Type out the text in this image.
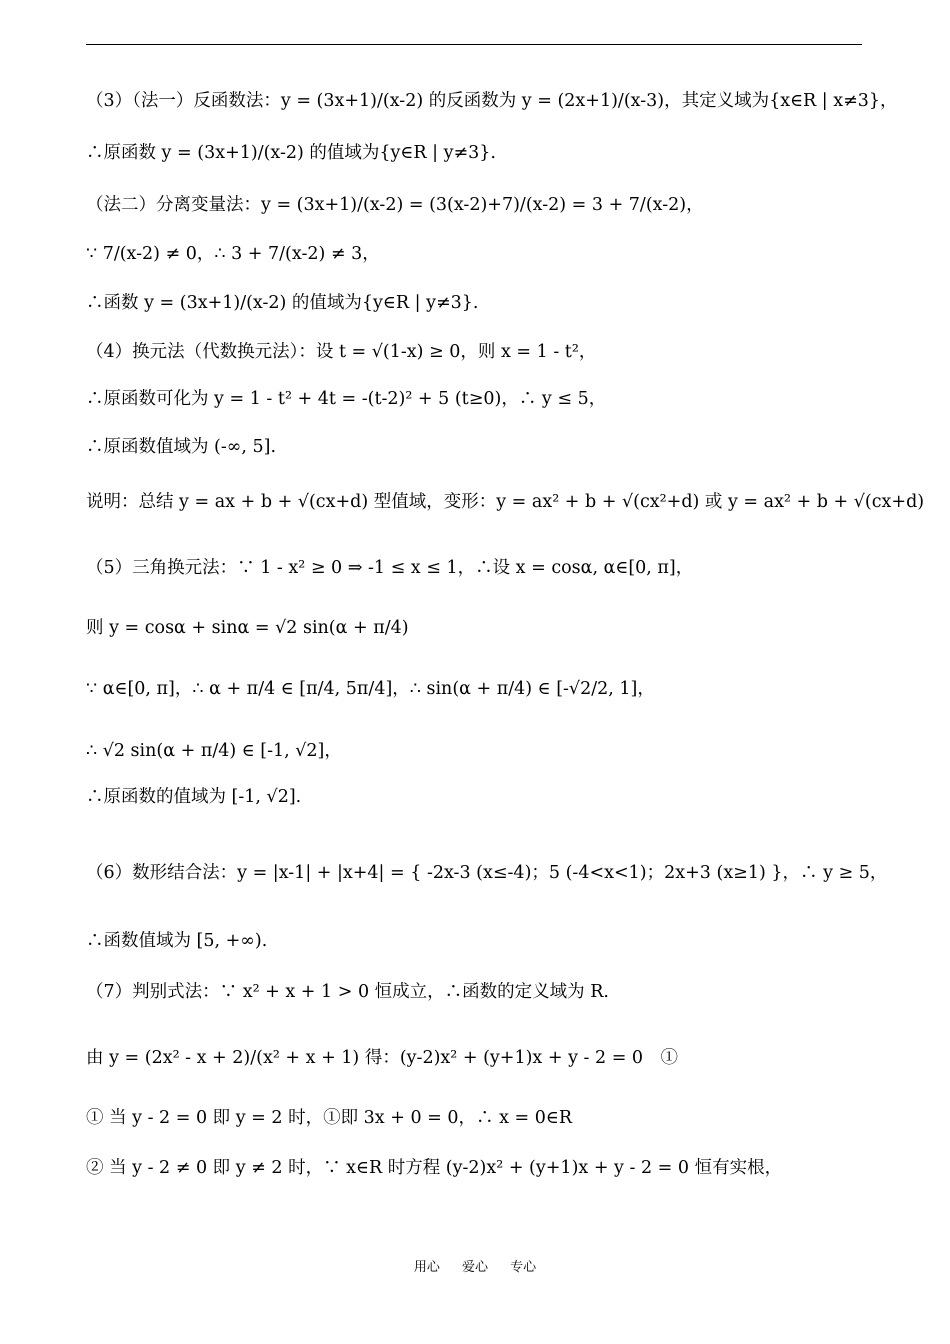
（3）（法一）反函数法：y = (3x+1)/(x-2) 的反函数为 y = (2x+1)/(x-3)，其定义域为{x∈R | x≠3}，
∴原函数 y = (3x+1)/(x-2) 的值域为{y∈R | y≠3}.
（法二）分离变量法：y = (3x+1)/(x-2) = (3(x-2)+7)/(x-2) = 3 + 7/(x-2)，
∵ 7/(x-2) ≠ 0，∴ 3 + 7/(x-2) ≠ 3，
∴函数 y = (3x+1)/(x-2) 的值域为{y∈R | y≠3}.
（4）换元法（代数换元法）：设 t = √(1-x) ≥ 0，则 x = 1 - t²，
∴原函数可化为 y = 1 - t² + 4t = -(t-2)² + 5 (t≥0)，∴ y ≤ 5，
∴原函数值域为 (-∞, 5].
说明：总结 y = ax + b + √(cx+d) 型值域，变形：y = ax² + b + √(cx²+d) 或 y = ax² + b + √(cx+d)
（5）三角换元法：∵ 1 - x² ≥ 0 ⇒ -1 ≤ x ≤ 1，∴设 x = cosα, α∈[0, π]，
则 y = cosα + sinα = √2 sin(α + π/4)
∵ α∈[0, π]，∴ α + π/4 ∈ [π/4, 5π/4]，∴ sin(α + π/4) ∈ [-√2/2, 1]，
∴ √2 sin(α + π/4) ∈ [-1, √2]，
∴原函数的值域为 [-1, √2].
（6）数形结合法：y = |x-1| + |x+4| = { -2x-3 (x≤-4)；5 (-4<x<1)；2x+3 (x≥1) }，∴ y ≥ 5，
∴函数值域为 [5, +∞).
（7）判别式法：∵ x² + x + 1 > 0 恒成立，∴函数的定义域为 R.
由 y = (2x² - x + 2)/(x² + x + 1) 得：(y-2)x² + (y+1)x + y - 2 = 0　①
① 当 y - 2 = 0 即 y = 2 时，①即 3x + 0 = 0，∴ x = 0∈R
② 当 y - 2 ≠ 0 即 y ≠ 2 时，∵ x∈R 时方程 (y-2)x² + (y+1)x + y - 2 = 0 恒有实根，
用心 爱心 专心
